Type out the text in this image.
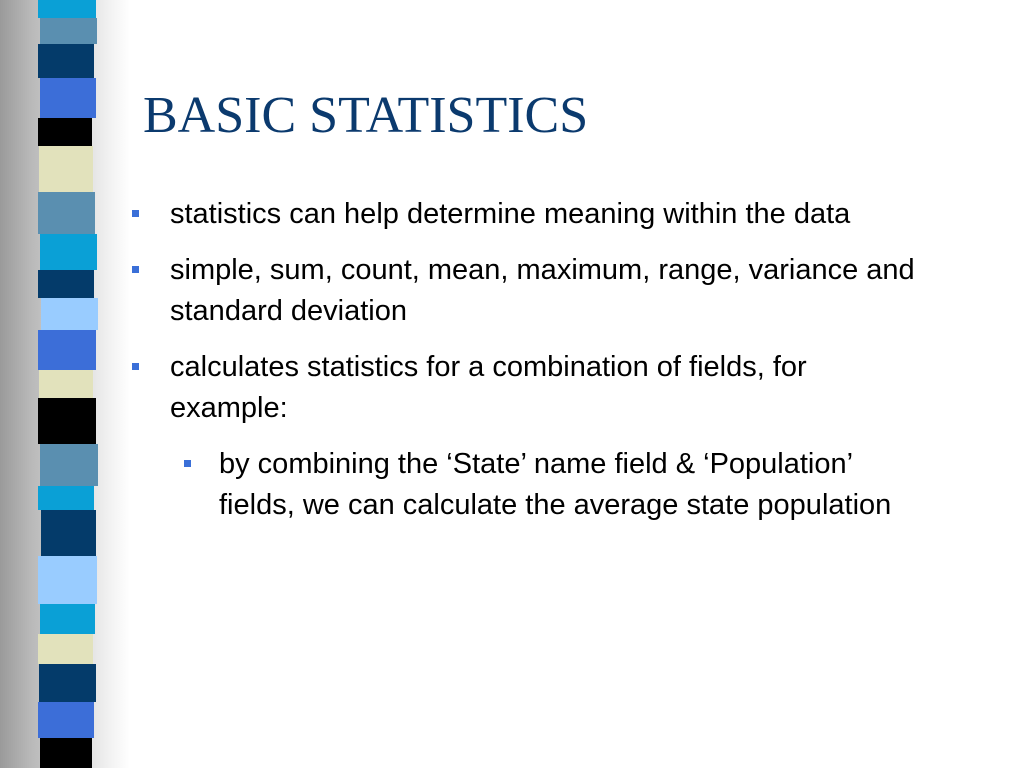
BASIC STATISTICS
statistics can help determine meaning within the data
simple, sum, count, mean, maximum, range, variance and standard deviation
calculates statistics for a combination of fields, for example:
by combining the ‘State’ name field & ‘Population’ fields, we can calculate the average state population
